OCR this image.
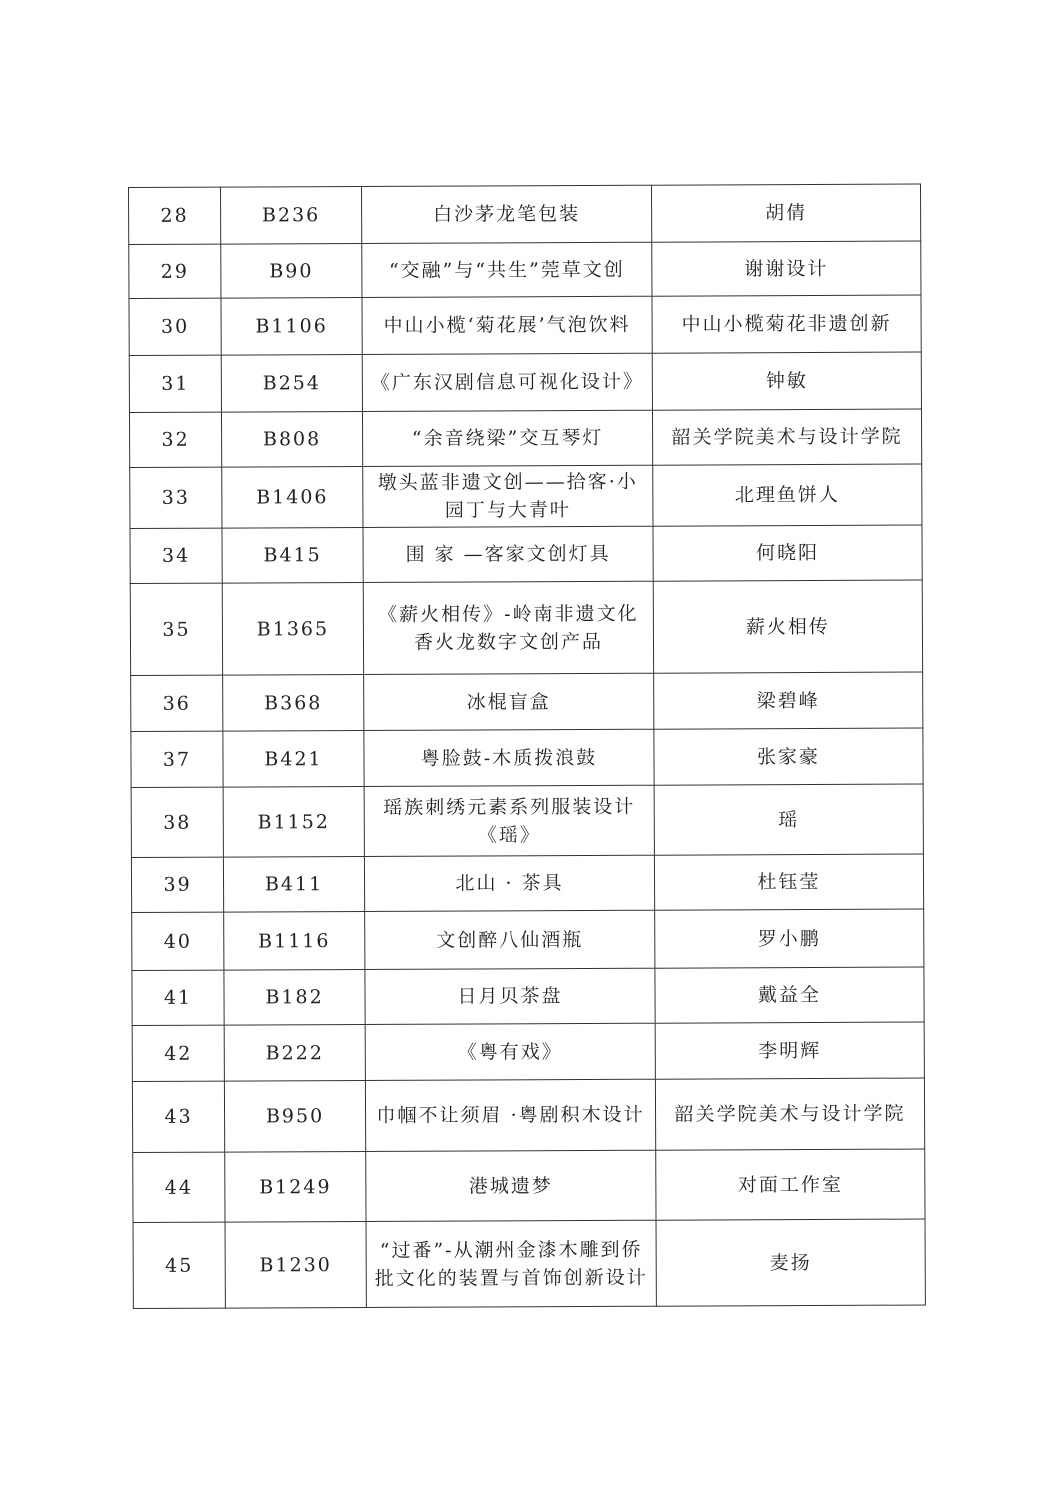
28	B236	白沙茅龙笔包装	胡倩
29	B90	“交融”与“共生”莞草文创	谢谢设计
30	B1106	中山小榄‘菊花展’气泡饮料	中山小榄菊花非遗创新
31	B254	《广东汉剧信息可视化设计》	钟敏
32	B808	“余音绕梁”交互琴灯	韶关学院美术与设计学院
33	B1406	墩头蓝非遗文创——拾客·小园丁与大青叶	北理鱼饼人
34	B415	围 家 —客家文创灯具	何晓阳
35	B1365	《薪火相传》-岭南非遗文化香火龙数字文创产品	薪火相传
36	B368	冰棍盲盒	梁碧峰
37	B421	粤脸鼓-木质拨浪鼓	张家豪
38	B1152	瑶族刺绣元素系列服装设计《瑶》	瑶
39	B411	北山 · 茶具	杜钰莹
40	B1116	文创醉八仙酒瓶	罗小鹏
41	B182	日月贝茶盘	戴益全
42	B222	《粤有戏》	李明辉
43	B950	巾帼不让须眉 ·粤剧积木设计	韶关学院美术与设计学院
44	B1249	港城遗梦	对面工作室
45	B1230	“过番”-从潮州金漆木雕到侨批文化的装置与首饰创新设计	麦扬
